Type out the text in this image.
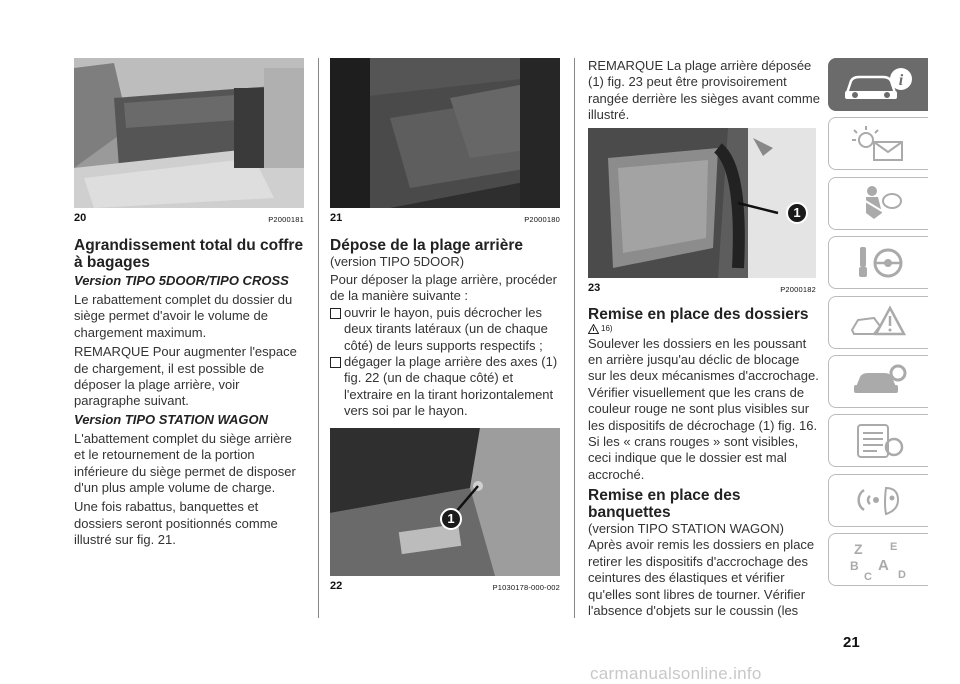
20	P2000181
Agrandissement total du coffre à bagages
Version TIPO 5DOOR/TIPO CROSS

Le rabattement complet du dossier du siège permet d'avoir le volume de chargement maximum.

REMARQUE Pour augmenter l'espace de chargement, il est possible de déposer la plage arrière, voir paragraphe suivant.

Version TIPO STATION WAGON

L'abattement complet du siège arrière et le retournement de la portion inférieure du siège permet de disposer d'un plus ample volume de charge.

Une fois rabattus, banquettes et dossiers seront positionnés comme illustré sur fig. 21.

21	P2000180
Dépose de la plage arrière
(version TIPO 5DOOR)

Pour déposer la plage arrière, procéder de la manière suivante :

ouvrir le hayon, puis décrocher les deux tirants latéraux (un de chaque côté) de leurs supports respectifs ;
dégager la plage arrière des axes (1) fig. 22 (un de chaque côté) et l'extraire en la tirant horizontalement vers soi par le hayon.
1
22	P1030178-000-002

REMARQUE La plage arrière déposée (1) fig. 23 peut être provisoirement rangée derrière les sièges avant comme illustré.

1
23	P2000182
Remise en place des dossiers
16)

Soulever les dossiers en les poussant en arrière jusqu'au déclic de blocage sur les deux mécanismes d'accrochage. Vérifier visuellement que les crans de couleur rouge ne sont plus visibles sur les dispositifs de décrochage (1) fig. 16. Si les « crans rouges » sont visibles, ceci indique que le dossier est mal accroché.

Remise en place des banquettes
(version TIPO STATION WAGON)

Après avoir remis les dossiers en place retirer les dispositifs d'accrochage des ceintures des élastiques et vérifier qu'elles sont libres de tourner. Vérifier l'absence d'objets sur le coussin (les

i
Z E
B A
C D
21
carmanualsonline.info
